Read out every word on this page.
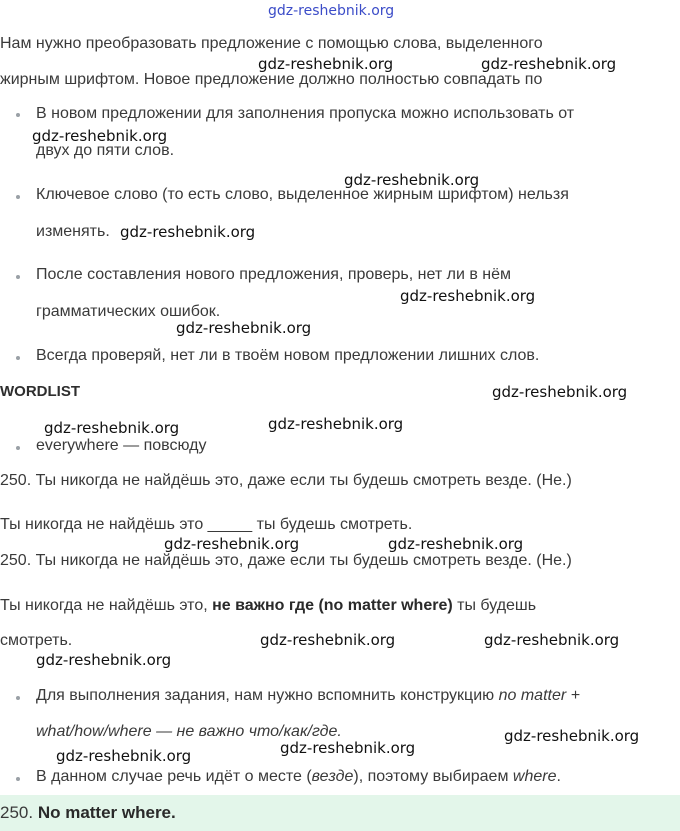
gdz-reshebnik.org
Нам нужно преобразовать предложение с помощью слова, выделенного
жирным шрифтом. Новое предложение должно полностью совпадать по
В новом предложении для заполнения пропуска можно использовать от
двух до пяти слов.
Ключевое слово (то есть слово, выделенное жирным шрифтом) нельзя
изменять.
После составления нового предложения, проверь, нет ли в нём
грамматических ошибок.
Всегда проверяй, нет ли в твоём новом предложении лишних слов.
WORDLIST
everywhere — повсюду
250. Ты никогда не найдёшь это, даже если ты будешь смотреть везде. (Не.)
Ты никогда не найдёшь это _____ ты будешь смотреть.
250. Ты никогда не найдёшь это, даже если ты будешь смотреть везде. (Не.)
Ты никогда не найдёшь это, не важно где (no matter where) ты будешь
смотреть.
Для выполнения задания, нам нужно вспомнить конструкцию no matter +
what/how/where — не важно что/как/где.
В данном случае речь идёт о месте (везде), поэтому выбираем where.
250. No matter where.
gdz-reshebnik.org	gdz-reshebnik.org
gdz-reshebnik.org
gdz-reshebnik.org
gdz-reshebnik.org
gdz-reshebnik.org
gdz-reshebnik.org
gdz-reshebnik.org
gdz-reshebnik.org	gdz-reshebnik.org
gdz-reshebnik.org	gdz-reshebnik.org
gdz-reshebnik.org	gdz-reshebnik.org
gdz-reshebnik.org
gdz-reshebnik.org
gdz-reshebnik.org
gdz-reshebnik.org
